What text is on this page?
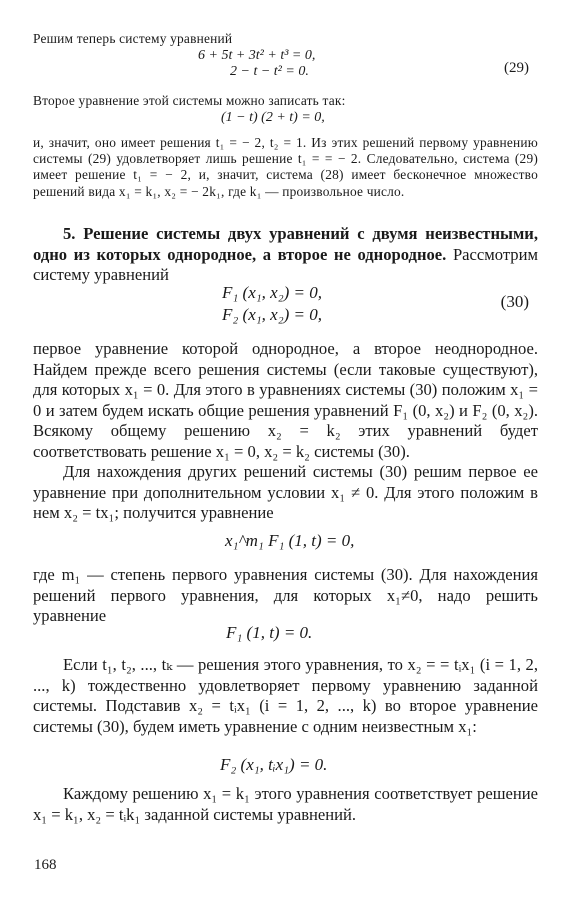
Решим теперь систему уравнений

6 + 5t + 3t² + t³ = 0,

2 − t − t² = 0.	(29)

Второе уравнение этой системы можно записать так:

(1 − t) (2 + t) = 0,

и, значит, оно имеет решения t₁ = − 2, t₂ = 1. Из этих решений первому уравнению системы (29) удовлетворяет лишь решение t₁ = = − 2. Следовательно, система (29) имеет решение t₁ = − 2, и, значит, система (28) имеет бесконечное множество решений вида x₁ = k₁, x₂ = − 2k₁, где k₁ — произвольное число.

5. Решение системы двух уравнений с двумя неизвестными, одно из которых однородное, а второе не однородное. Рассмотрим систему уравнений

F₁ (x₁, x₂) = 0,

F₂ (x₁, x₂) = 0,

(30)

первое уравнение которой однородное, а второе неоднородное. Найдем прежде всего решения системы (если таковые существуют), для которых x₁ = 0. Для этого в уравнениях системы (30) положим x₁ = 0 и затем будем искать общие решения уравнений F₁ (0, x₂) и F₂ (0, x₂). Всякому общему решению x₂ = k₂ этих уравнений будет соответствовать решение x₁ = 0, x₂ = k₂ системы (30).

Для нахождения других решений системы (30) решим первое ее уравнение при дополнительном условии x₁ ≠ 0. Для этого положим в нем x₂ = tx₁; получится уравнение

x₁^m₁ F₁ (1, t) = 0,

где m₁ — степень первого уравнения системы (30). Для нахождения решений первого уравнения, для которых x₁≠0, надо решить уравнение

F₁ (1, t) = 0.

Если t₁, t₂, ..., tₖ — решения этого уравнения, то x₂ = = tᵢx₁ (i = 1, 2, ..., k) тождественно удовлетворяет первому уравнению заданной системы. Подставив x₂ = tᵢx₁ (i = 1, 2, ..., k) во второе уравнение системы (30), будем иметь уравнение с одним неизвестным x₁:

F₂ (x₁, tᵢx₁) = 0.

Каждому решению x₁ = k₁ этого уравнения соответствует решение x₁ = k₁, x₂ = tᵢk₁ заданной системы уравнений.

168
